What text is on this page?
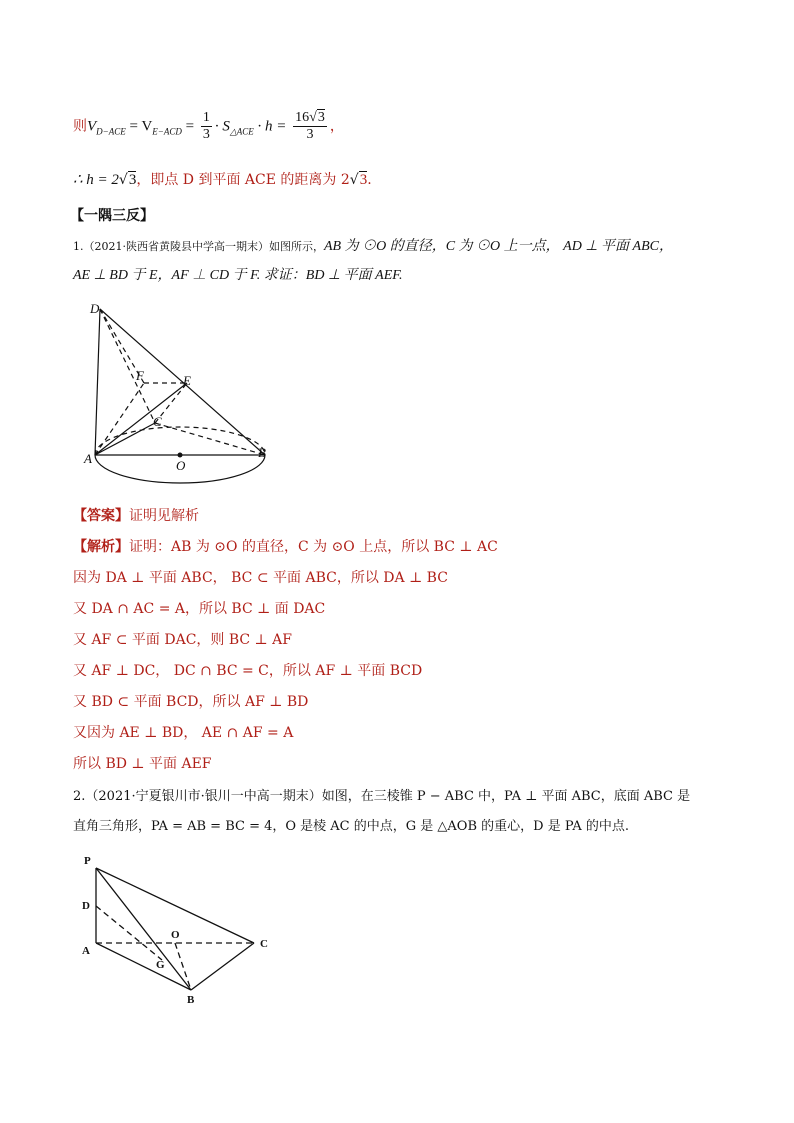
则$V_{D-ACE} = V_{E-ACD} = \frac{1}{3} \cdot S_{\triangle ACE} \cdot h = \frac{16√3}{3}$ ，
∴ h = 2√3，即点 D 到平面 ACE 的距离为 2√3.
【一隅三反】
1.（2021·陕西省黄陵县中学高一期末）如图所示，AB 为 ⊙O 的直径，C 为 ⊙O 上一点， AD ⊥ 平面 ABC，
AE ⊥ BD 于 E，AF ⊥ CD 于 F. 求证：BD ⊥ 平面 AEF.
D
F	E
C
A	O
B
【答案】证明见解析
【解析】证明：AB 为 ⊙O 的直径，C 为 ⊙O 上点，所以 BC ⊥ AC
因为 DA ⊥ 平面 ABC， BC ⊂ 平面 ABC，所以 DA ⊥ BC
又 DA ∩ AC = A，所以 BC ⊥ 面 DAC
又 AF ⊂ 平面 DAC，则 BC ⊥ AF
又 AF ⊥ DC， DC ∩ BC = C，所以 AF ⊥ 平面 BCD
又 BD ⊂ 平面 BCD，所以 AF ⊥ BD
又因为 AE ⊥ BD， AE ∩ AF = A
所以 BD ⊥ 平面 AEF
2.（2021·宁夏银川市·银川一中高一期末）如图，在三棱锥 P − ABC 中，PA ⊥ 平面 ABC，底面 ABC 是
直角三角形，PA = AB = BC = 4，O 是棱 AC 的中点，G 是 △AOB 的重心，D 是 PA 的中点.
P
D
O
C
A
G
B
